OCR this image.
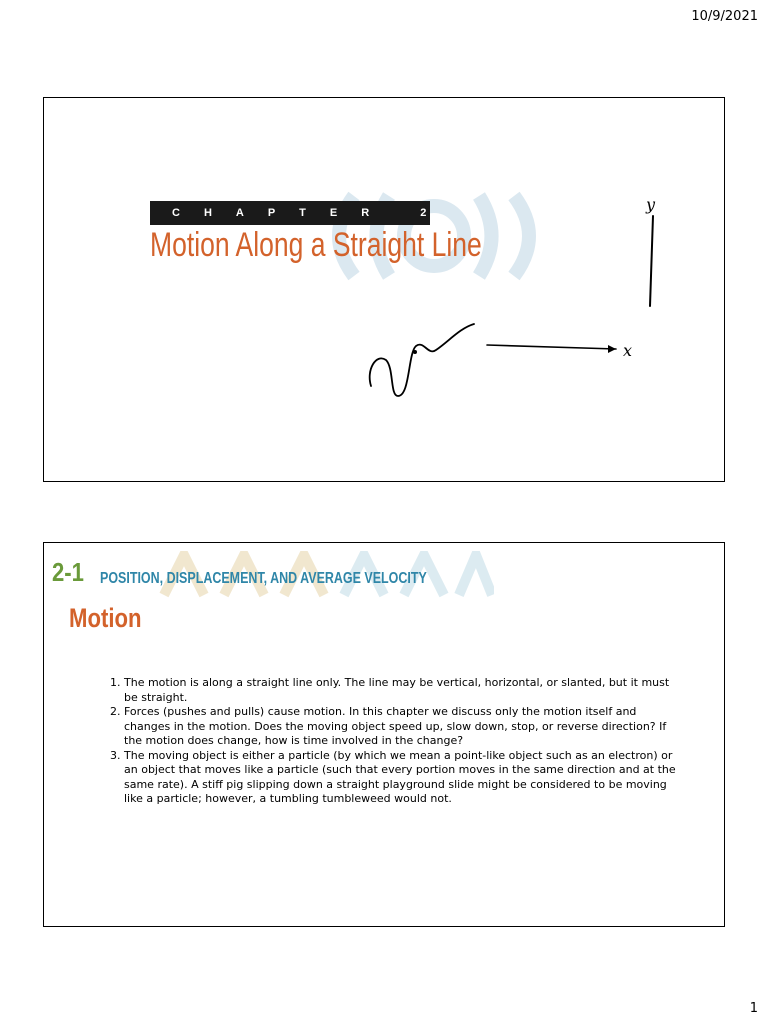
10/9/2021
CHAPTER 2
Motion Along a Straight Line
y
x
2-1 POSITION, DISPLACEMENT, AND AVERAGE VELOCITY
Motion
1. The motion is along a straight line only. The line may be vertical, horizontal, or slanted, but it must be straight.
2. Forces (pushes and pulls) cause motion. In this chapter we discuss only the motion itself and changes in the motion. Does the moving object speed up, slow down, stop, or reverse direction? If the motion does change, how is time involved in the change?
3. The moving object is either a particle (by which we mean a point-like object such as an electron) or an object that moves like a particle (such that every portion moves in the same direction and at the same rate). A stiff pig slipping down a straight playground slide might be considered to be moving like a particle; however, a tumbling tumbleweed would not.
1
